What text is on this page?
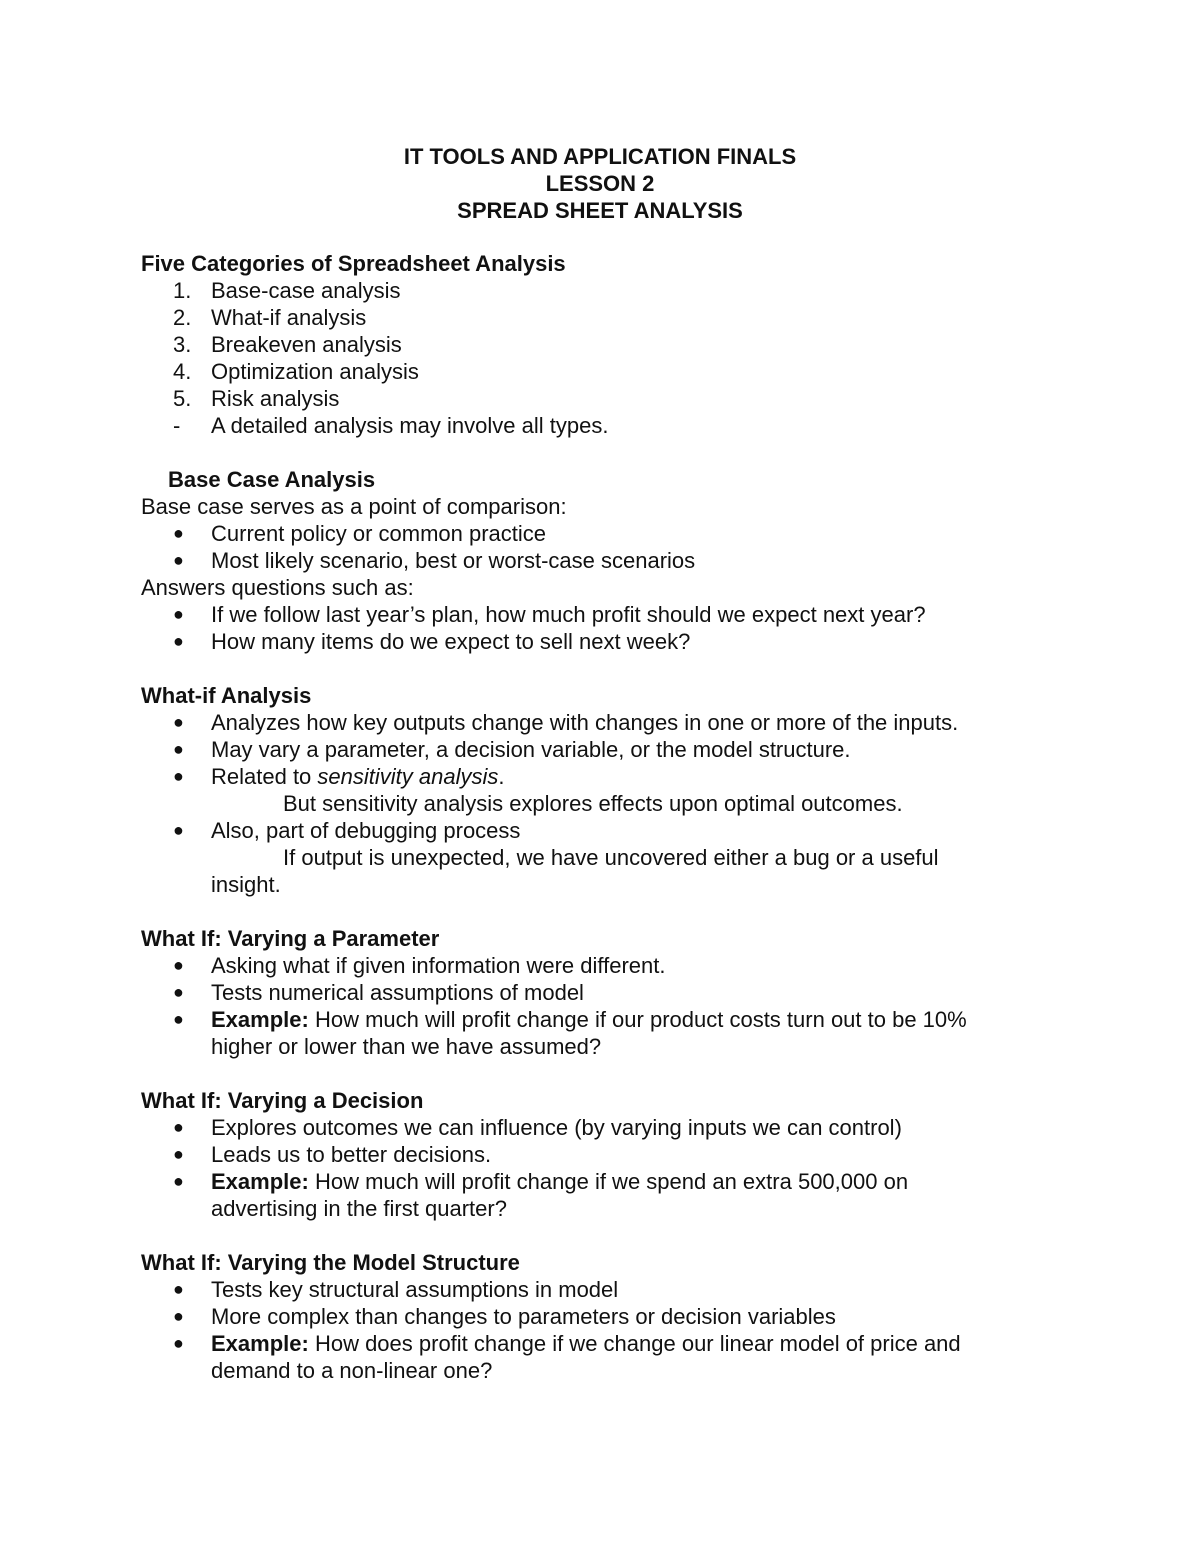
IT TOOLS AND APPLICATION FINALS
LESSON 2
SPREAD SHEET ANALYSIS
Five Categories of Spreadsheet Analysis
1. Base-case analysis
2. What-if analysis
3. Breakeven analysis
4. Optimization analysis
5. Risk analysis
-	A detailed analysis may involve all types.
Base Case Analysis
Base case serves as a point of comparison:
●	Current policy or common practice
●	Most likely scenario, best or worst-case scenarios
Answers questions such as:
●	If we follow last year’s plan, how much profit should we expect next year?
●	How many items do we expect to sell next week?
What-if Analysis
●	Analyzes how key outputs change with changes in one or more of the inputs.
●	May vary a parameter, a decision variable, or the model structure.
●	Related to sensitivity analysis.
But sensitivity analysis explores effects upon optimal outcomes.
●	Also, part of debugging process
If output is unexpected, we have uncovered either a bug or a useful
insight.
What If: Varying a Parameter
●	Asking what if given information were different.
●	Tests numerical assumptions of model
●	Example: How much will profit change if our product costs turn out to be 10%
higher or lower than we have assumed?
What If: Varying a Decision
●	Explores outcomes we can influence (by varying inputs we can control)
●	Leads us to better decisions.
●	Example: How much will profit change if we spend an extra 500,000 on
advertising in the first quarter?
What If: Varying the Model Structure
●	Tests key structural assumptions in model
●	More complex than changes to parameters or decision variables
●	Example: How does profit change if we change our linear model of price and
demand to a non-linear one?
